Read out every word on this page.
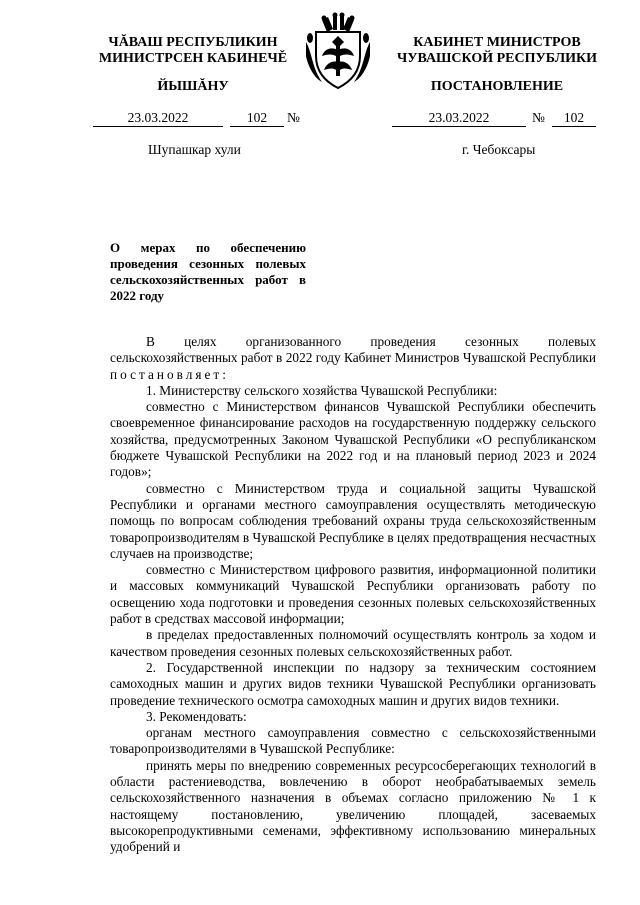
ЧĂВАШ РЕСПУБЛИКИН
МИНИСТРСЕН КАБИНЕЧĚ
ЙЫШĂНУ
КАБИНЕТ МИНИСТРОВ
ЧУВАШСКОЙ РЕСПУБЛИКИ
ПОСТАНОВЛЕНИЕ
23.03.2022	102	№	23.03.2022	№	102
Шупашкар хули	г. Чебоксары
О мерах по обеспечению проведения сезонных полевых сельскохозяйственных работ в 2022 году

В целях организованного проведения сезонных полевых сельскохозяйственных работ в 2022 году Кабинет Министров Чувашской Республики постановляет:

1. Министерству сельского хозяйства Чувашской Республики:

совместно с Министерством финансов Чувашской Республики обеспечить своевременное финансирование расходов на государственную поддержку сельского хозяйства, предусмотренных Законом Чувашской Республики «О республиканском бюджете Чувашской Республики на 2022 год и на плановый период 2023 и 2024 годов»;

совместно с Министерством труда и социальной защиты Чувашской Республики и органами местного самоуправления осуществлять методическую помощь по вопросам соблюдения требований охраны труда сельскохозяйственным товаропроизводителям в Чувашской Республике в целях предотвращения несчастных случаев на производстве;

совместно с Министерством цифрового развития, информационной политики и массовых коммуникаций Чувашской Республики организовать работу по освещению хода подготовки и проведения сезонных полевых сельскохозяйственных работ в средствах массовой информации;

в пределах предоставленных полномочий осуществлять контроль за ходом и качеством проведения сезонных полевых сельскохозяйственных работ.

2. Государственной инспекции по надзору за техническим состоянием самоходных машин и других видов техники Чувашской Республики организовать проведение технического осмотра самоходных машин и других видов техники.

3. Рекомендовать:

органам местного самоуправления совместно с сельскохозяйственными товаропроизводителями в Чувашской Республике:

принять меры по внедрению современных ресурсосберегающих технологий в области растениеводства, вовлечению в оборот необрабатываемых земель сельскохозяйственного назначения в объемах согласно приложению № 1 к настоящему постановлению, увеличению площадей, засеваемых высокорепродуктивными семенами, эффективному использованию минеральных удобрений и
